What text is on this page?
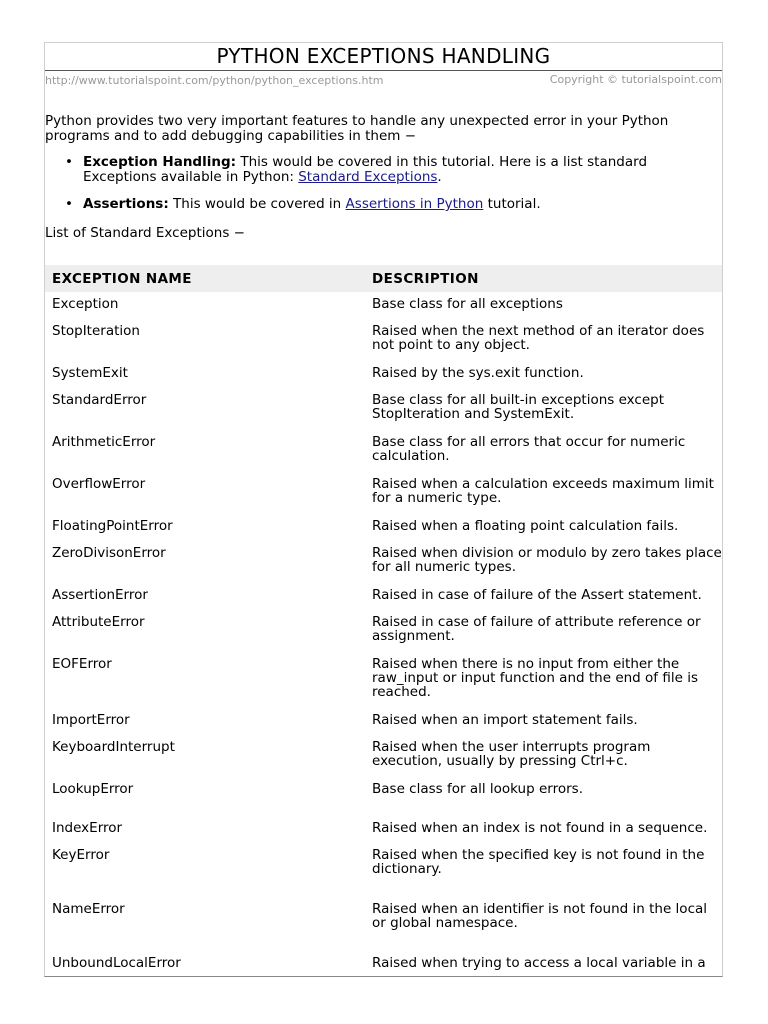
PYTHON EXCEPTIONS HANDLING
http://www.tutorialspoint.com/python/python_exceptions.htm	Copyright © tutorialspoint.com
Python provides two very important features to handle any unexpected error in your Python programs and to add debugging capabilities in them −
• Exception Handling: This would be covered in this tutorial. Here is a list standard Exceptions available in Python: Standard Exceptions.
• Assertions: This would be covered in Assertions in Python tutorial.
List of Standard Exceptions −
EXCEPTION NAME	DESCRIPTION
Exception	Base class for all exceptions
StopIteration	Raised when the next method of an iterator does not point to any object.
SystemExit	Raised by the sys.exit function.
StandardError	Base class for all built-in exceptions except StopIteration and SystemExit.
ArithmeticError	Base class for all errors that occur for numeric calculation.
OverflowError	Raised when a calculation exceeds maximum limit for a numeric type.
FloatingPointError	Raised when a floating point calculation fails.
ZeroDivisonError	Raised when division or modulo by zero takes place for all numeric types.
AssertionError	Raised in case of failure of the Assert statement.
AttributeError	Raised in case of failure of attribute reference or assignment.
EOFError	Raised when there is no input from either the raw_input or input function and the end of file is reached.
ImportError	Raised when an import statement fails.
KeyboardInterrupt	Raised when the user interrupts program execution, usually by pressing Ctrl+c.
LookupError	Base class for all lookup errors.
IndexError	Raised when an index is not found in a sequence.
KeyError	Raised when the specified key is not found in the dictionary.
NameError	Raised when an identifier is not found in the local or global namespace.
UnboundLocalError	Raised when trying to access a local variable in a
